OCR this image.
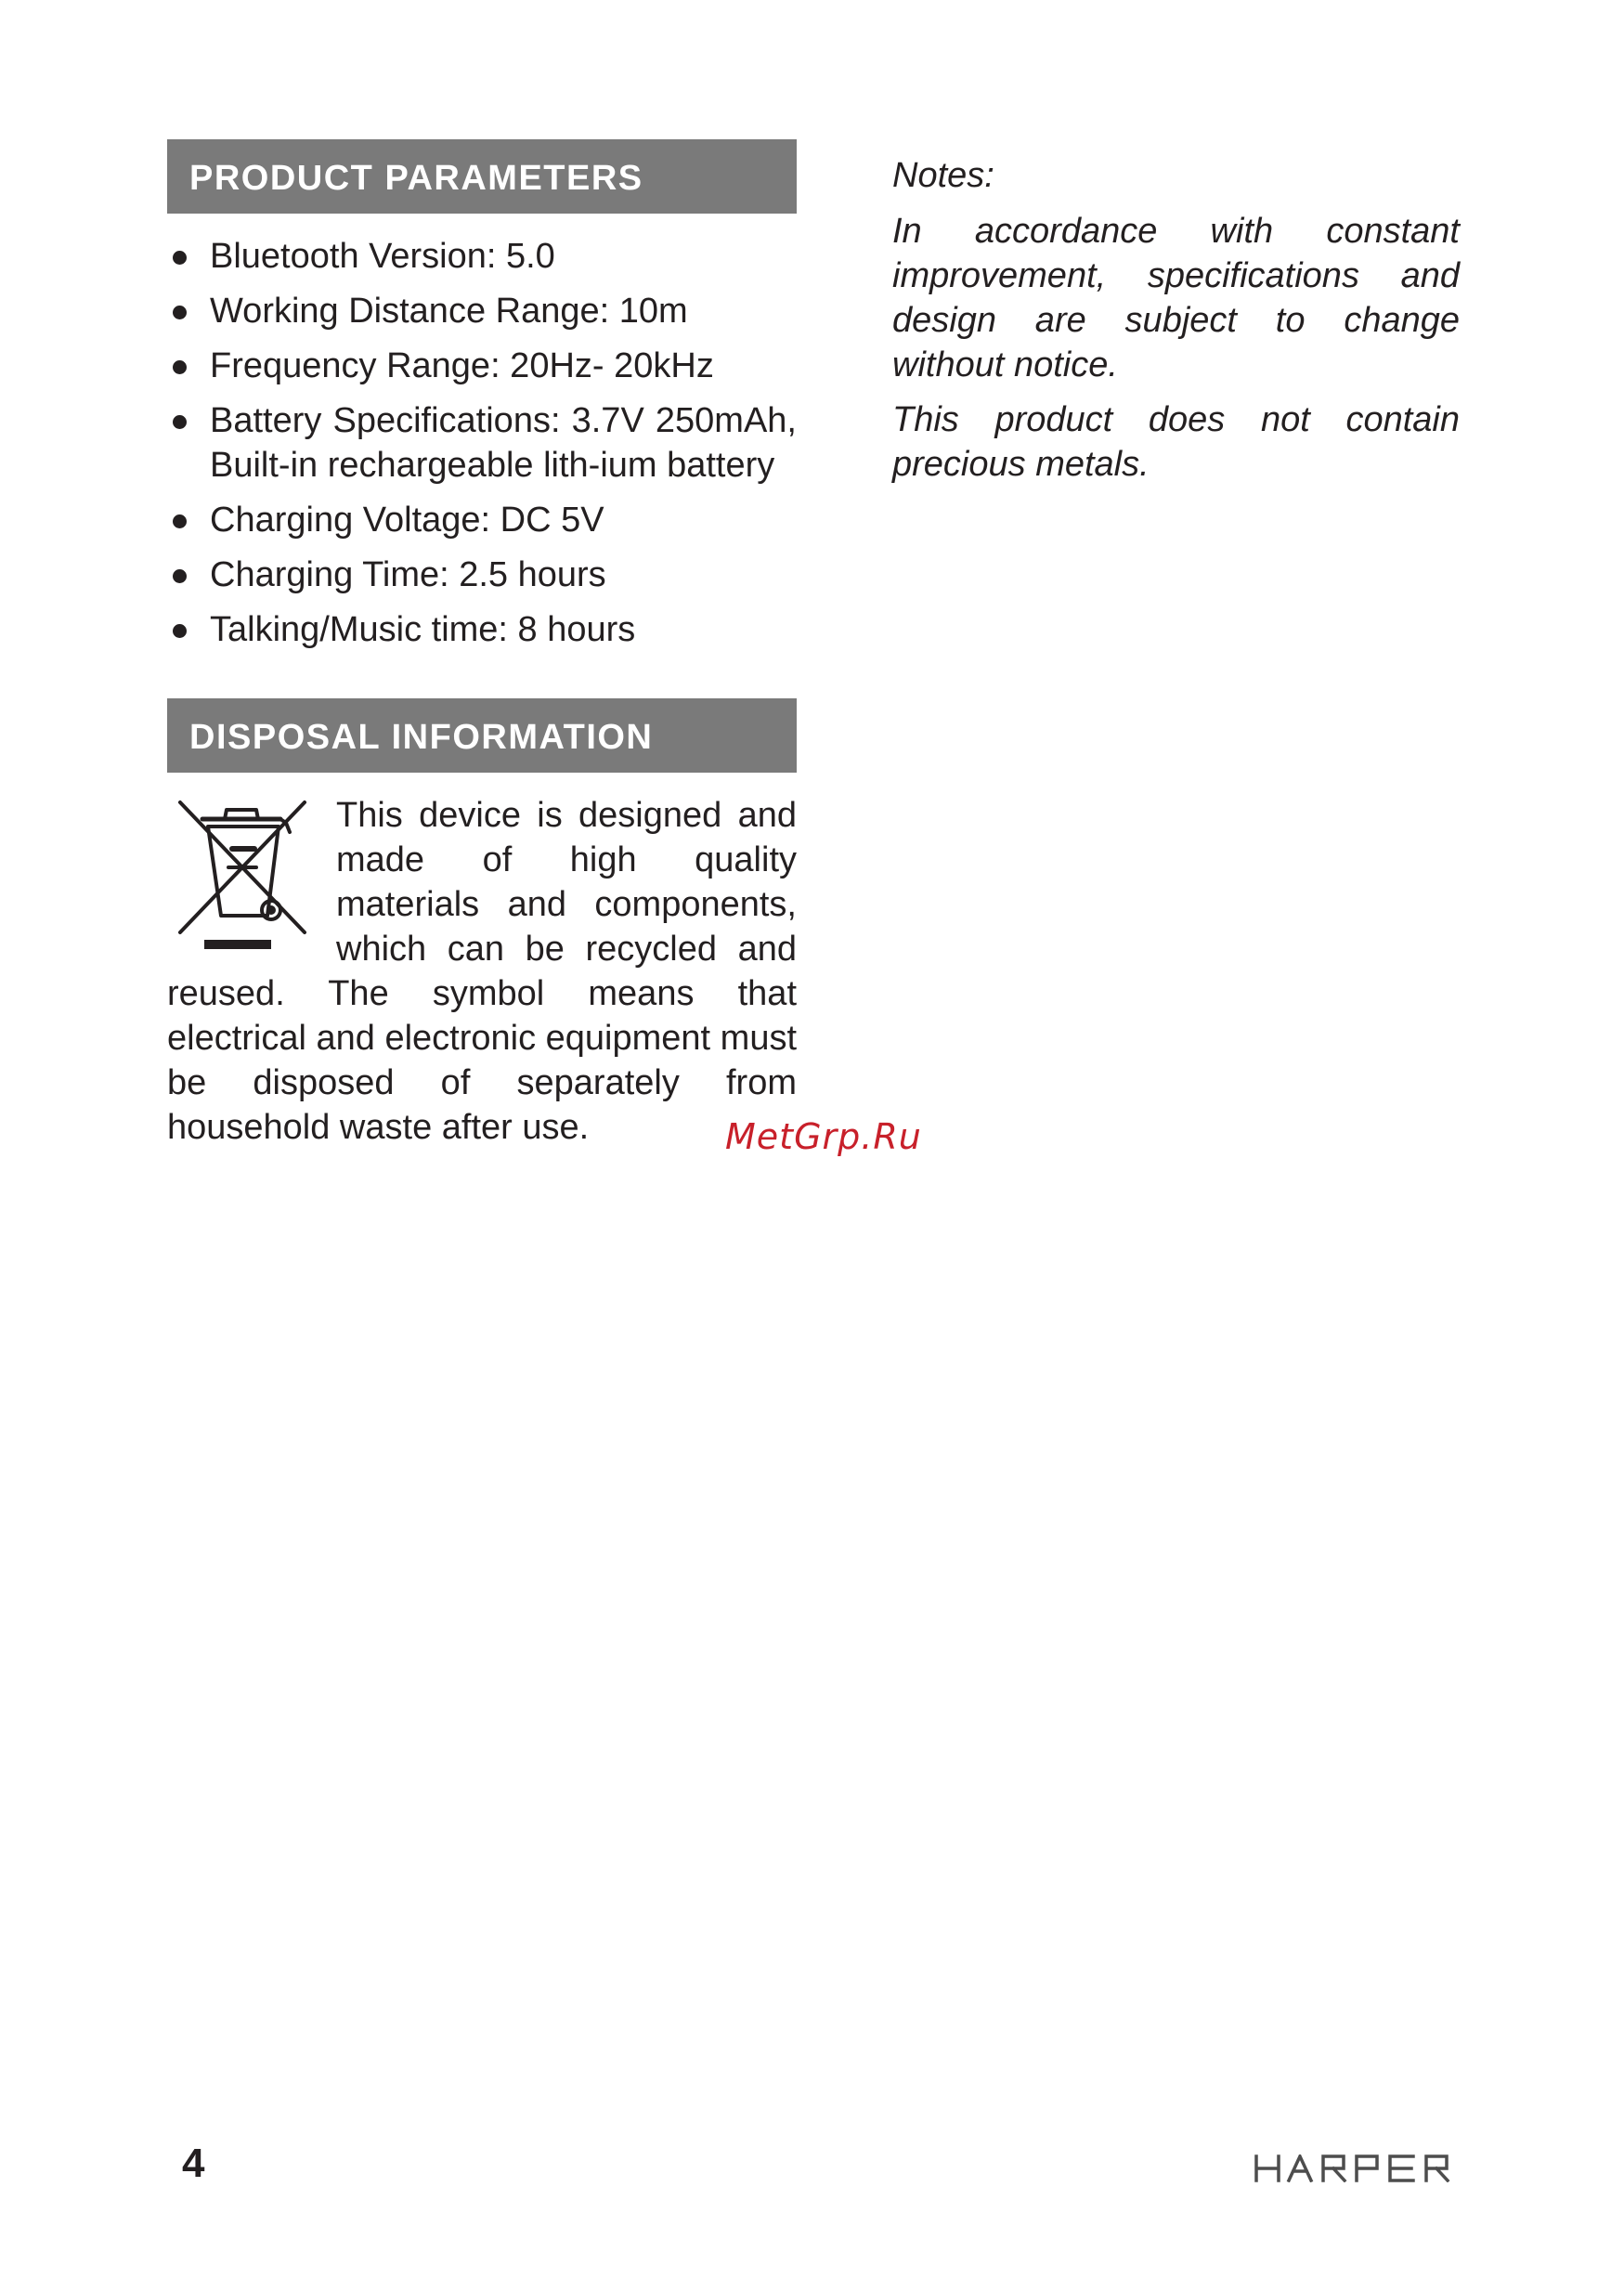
PRODUCT PARAMETERS
Bluetooth Version: 5.0
Working Distance Range: 10m
Frequency Range: 20Hz- 20kHz
Battery Specifications: 3.7V 250mAh, Built-in rechargeable lith-ium battery
Charging Voltage: DC 5V
Charging Time: 2.5 hours
Talking/Music time: 8 hours
DISPOSAL INFORMATION
This device is designed and made of high quality materials and components, which can be recycled and reused. The symbol means that electrical and electronic equipment must be disposed of separately from household waste after use.

Notes:

In accordance with constant improvement, specifications and design are subject to change without notice.

This product does not contain precious metals.

MetGrp.Ru
4
